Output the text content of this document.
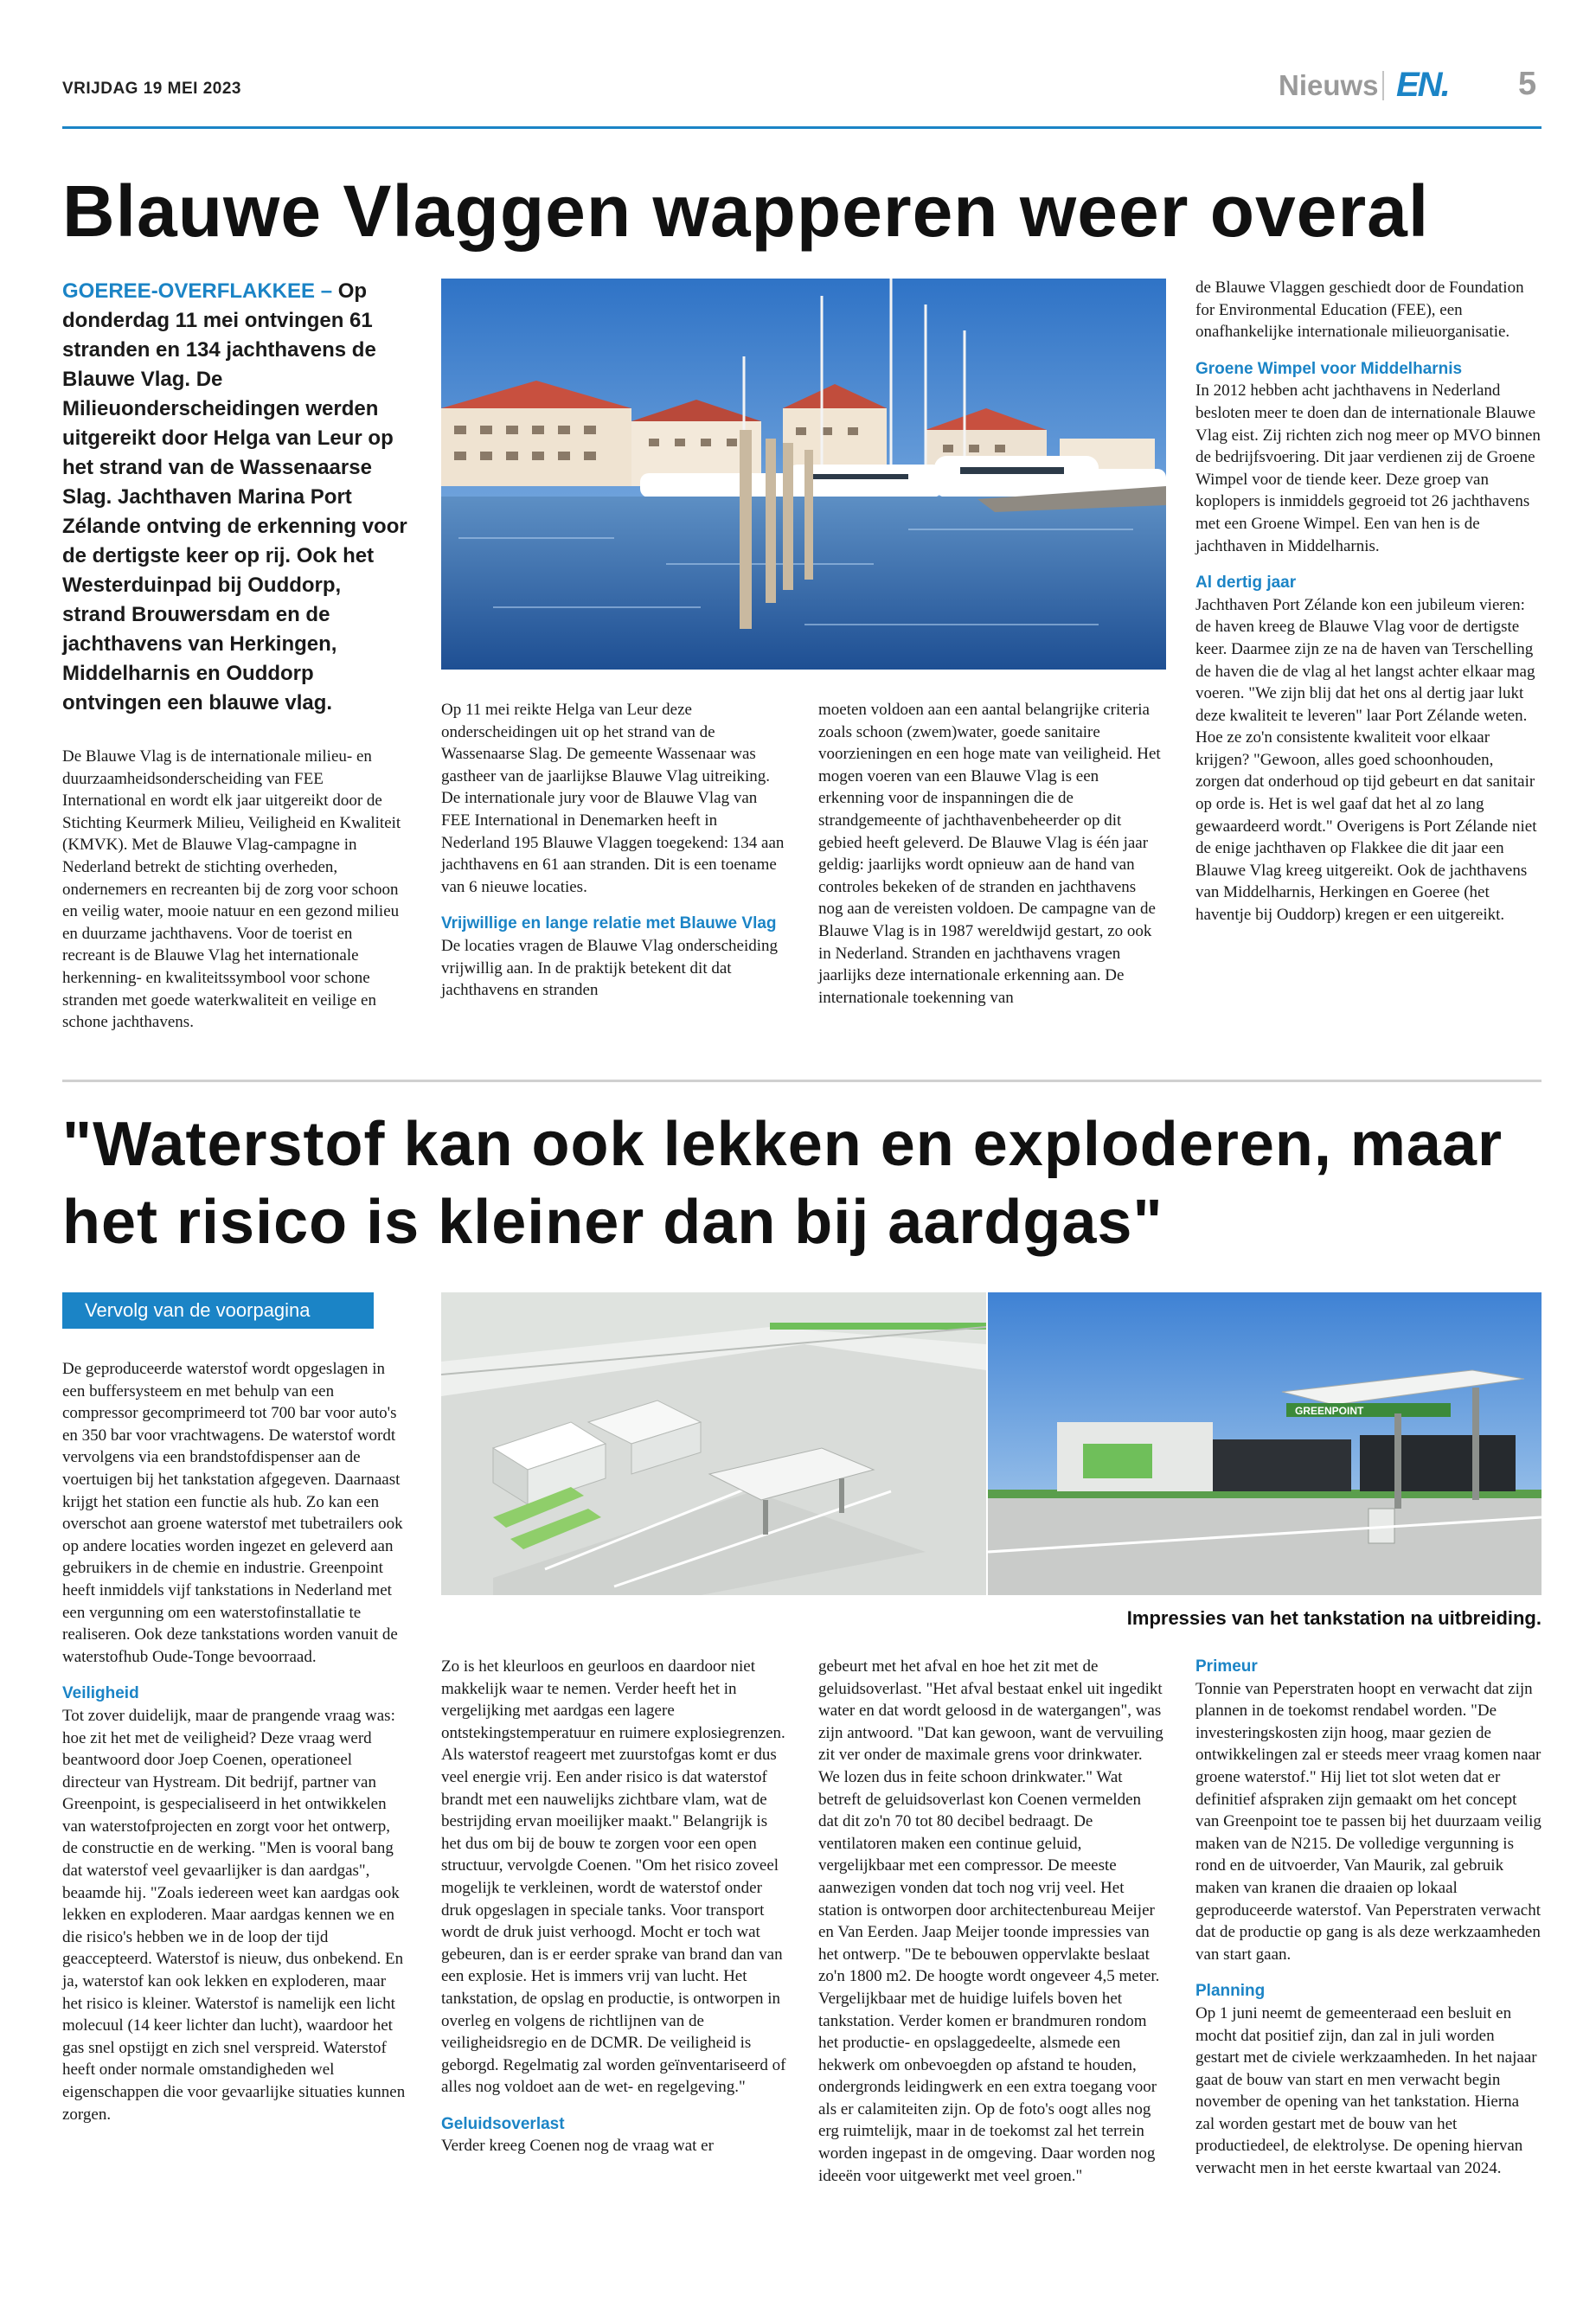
VRIJDAG 19 MEI 2023	Nieuws EN. 5
Blauwe Vlaggen wapperen weer overal

GOEREE-OVERFLAKKEE – Op donderdag 11 mei ontvingen 61 stranden en 134 jachthavens de Blauwe Vlag. De Milieuonderscheidingen werden uitgereikt door Helga van Leur op het strand van de Wassenaarse Slag. Jachthaven Marina Port Zélande ontving de erkenning voor de dertigste keer op rij. Ook het Westerduinpad bij Ouddorp, strand Brouwersdam en de jachthavens van Herkingen, Middelharnis en Ouddorp ontvingen een blauwe vlag.

De Blauwe Vlag is de internationale milieu- en duurzaamheidsonderscheiding van FEE International en wordt elk jaar uitgereikt door de Stichting Keurmerk Milieu, Veiligheid en Kwaliteit (KMVK). Met de Blauwe Vlag-campagne in Nederland betrekt de stichting overheden, ondernemers en recreanten bij de zorg voor schoon en veilig water, mooie natuur en een gezond milieu en duurzame jachthavens. Voor de toerist en recreant is de Blauwe Vlag het internationale herkenning- en kwaliteitssymbool voor schone stranden met goede waterkwaliteit en veilige en schone jachthavens.

Op 11 mei reikte Helga van Leur deze onderscheidingen uit op het strand van de Wassenaarse Slag. De gemeente Wassenaar was gastheer van de jaarlijkse Blauwe Vlag uitreiking. De internationale jury voor de Blauwe Vlag van FEE International in Denemarken heeft in Nederland 195 Blauwe Vlaggen toegekend: 134 aan jachthavens en 61 aan stranden. Dit is een toename van 6 nieuwe locaties.

Vrijwillige en lange relatie met Blauwe Vlag

De locaties vragen de Blauwe Vlag onderscheiding vrijwillig aan. In de praktijk betekent dit dat jachthavens en stranden

moeten voldoen aan een aantal belangrijke criteria zoals schoon (zwem)water, goede sanitaire voorzieningen en een hoge mate van veiligheid. Het mogen voeren van een Blauwe Vlag is een erkenning voor de inspanningen die de strandgemeente of jachthavenbeheerder op dit gebied heeft geleverd. De Blauwe Vlag is één jaar geldig: jaarlijks wordt opnieuw aan de hand van controles bekeken of de stranden en jachthavens nog aan de vereisten voldoen. De campagne van de Blauwe Vlag is in 1987 wereldwijd gestart, zo ook in Nederland. Stranden en jachthavens vragen jaarlijks deze internationale erkenning aan. De internationale toekenning van

de Blauwe Vlaggen geschiedt door de Foundation for Environmental Education (FEE), een onafhankelijke internationale milieuorganisatie.

Groene Wimpel voor Middelharnis

In 2012 hebben acht jachthavens in Nederland besloten meer te doen dan de internationale Blauwe Vlag eist. Zij richten zich nog meer op MVO binnen de bedrijfsvoering. Dit jaar verdienen zij de Groene Wimpel voor de tiende keer. Deze groep van koplopers is inmiddels gegroeid tot 26 jachthavens met een Groene Wimpel. Een van hen is de jachthaven in Middelharnis.

Al dertig jaar

Jachthaven Port Zélande kon een jubileum vieren: de haven kreeg de Blauwe Vlag voor de dertigste keer. Daarmee zijn ze na de haven van Terschelling de haven die de vlag al het langst achter elkaar mag voeren. "We zijn blij dat het ons al dertig jaar lukt deze kwaliteit te leveren" laar Port Zélande weten. Hoe ze zo'n consistente kwaliteit voor elkaar krijgen? "Gewoon, alles goed schoonhouden, zorgen dat onderhoud op tijd gebeurt en dat sanitair op orde is. Het is wel gaaf dat het al zo lang gewaardeerd wordt." Overigens is Port Zélande niet de enige jachthaven op Flakkee die dit jaar een Blauwe Vlag kreeg uitgereikt. Ook de jachthavens van Middelharnis, Herkingen en Goeree (het haventje bij Ouddorp) kregen er een uitgereikt.

"Waterstof kan ook lekken en exploderen, maar het risico is kleiner dan bij aardgas"
Vervolg van de voorpagina
GREENPOINT
Impressies van het tankstation na uitbreiding.

De geproduceerde waterstof wordt opgeslagen in een buffersysteem en met behulp van een compressor gecomprimeerd tot 700 bar voor auto's en 350 bar voor vrachtwagens. De waterstof wordt vervolgens via een brandstofdispenser aan de voertuigen bij het tankstation afgegeven. Daarnaast krijgt het station een functie als hub. Zo kan een overschot aan groene waterstof met tubetrailers ook op andere locaties worden ingezet en geleverd aan gebruikers in de chemie en industrie. Greenpoint heeft inmiddels vijf tankstations in Nederland met een vergunning om een waterstofinstallatie te realiseren. Ook deze tankstations worden vanuit de waterstofhub Oude-Tonge bevoorraad.

Veiligheid

Tot zover duidelijk, maar de prangende vraag was: hoe zit het met de veiligheid? Deze vraag werd beantwoord door Joep Coenen, operationeel directeur van Hystream. Dit bedrijf, partner van Greenpoint, is gespecialiseerd in het ontwikkelen van waterstofprojecten en zorgt voor het ontwerp, de constructie en de werking. "Men is vooral bang dat waterstof veel gevaarlijker is dan aardgas", beaamde hij. "Zoals iedereen weet kan aardgas ook lekken en exploderen. Maar aardgas kennen we en die risico's hebben we in de loop der tijd geaccepteerd. Waterstof is nieuw, dus onbekend. En ja, waterstof kan ook lekken en exploderen, maar het risico is kleiner. Waterstof is namelijk een licht molecuul (14 keer lichter dan lucht), waardoor het gas snel opstijgt en zich snel verspreid. Waterstof heeft onder normale omstandigheden wel eigenschappen die voor gevaarlijke situaties kunnen zorgen.

Zo is het kleurloos en geurloos en daardoor niet makkelijk waar te nemen. Verder heeft het in vergelijking met aardgas een lagere ontstekingstemperatuur en ruimere explosiegrenzen. Als waterstof reageert met zuurstofgas komt er dus veel energie vrij. Een ander risico is dat waterstof brandt met een nauwelijks zichtbare vlam, wat de bestrijding ervan moeilijker maakt." Belangrijk is het dus om bij de bouw te zorgen voor een open structuur, vervolgde Coenen. "Om het risico zoveel mogelijk te verkleinen, wordt de waterstof onder druk opgeslagen in speciale tanks. Voor transport wordt de druk juist verhoogd. Mocht er toch wat gebeuren, dan is er eerder sprake van brand dan van een explosie. Het is immers vrij van lucht. Het tankstation, de opslag en productie, is ontworpen in overleg en volgens de richtlijnen van de veiligheidsregio en de DCMR. De veiligheid is geborgd. Regelmatig zal worden geïnventariseerd of alles nog voldoet aan de wet- en regelgeving."

Geluidsoverlast

Verder kreeg Coenen nog de vraag wat er

gebeurt met het afval en hoe het zit met de geluidsoverlast. "Het afval bestaat enkel uit ingedikt water en dat wordt geloosd in de watergangen", was zijn antwoord. "Dat kan gewoon, want de vervuiling zit ver onder de maximale grens voor drinkwater. We lozen dus in feite schoon drinkwater." Wat betreft de geluidsoverlast kon Coenen vermelden dat dit zo'n 70 tot 80 decibel bedraagt. De ventilatoren maken een continue geluid, vergelijkbaar met een compressor. De meeste aanwezigen vonden dat toch nog vrij veel. Het station is ontworpen door architectenbureau Meijer en Van Eerden. Jaap Meijer toonde impressies van het ontwerp. "De te bebouwen oppervlakte beslaat zo'n 1800 m2. De hoogte wordt ongeveer 4,5 meter. Vergelijkbaar met de huidige luifels boven het tankstation. Verder komen er brandmuren rondom het productie- en opslaggedeelte, alsmede een hekwerk om onbevoegden op afstand te houden, ondergronds leidingwerk en een extra toegang voor als er calamiteiten zijn. Op de foto's oogt alles nog erg ruimtelijk, maar in de toekomst zal het terrein worden ingepast in de omgeving. Daar worden nog ideeën voor uitgewerkt met veel groen."

Primeur

Tonnie van Peperstraten hoopt en verwacht dat zijn plannen in de toekomst rendabel worden. "De investeringskosten zijn hoog, maar gezien de ontwikkelingen zal er steeds meer vraag komen naar groene waterstof." Hij liet tot slot weten dat er definitief afspraken zijn gemaakt om het concept van Greenpoint toe te passen bij het duurzaam veilig maken van de N215. De volledige vergunning is rond en de uitvoerder, Van Maurik, zal gebruik maken van kranen die draaien op lokaal geproduceerde waterstof. Van Peperstraten verwacht dat de productie op gang is als deze werkzaamheden van start gaan.

Planning

Op 1 juni neemt de gemeenteraad een besluit en mocht dat positief zijn, dan zal in juli worden gestart met de civiele werkzaamheden. In het najaar gaat de bouw van start en men verwacht begin november de opening van het tankstation. Hierna zal worden gestart met de bouw van het productiedeel, de elektrolyse. De opening hiervan verwacht men in het eerste kwartaal van 2024.
